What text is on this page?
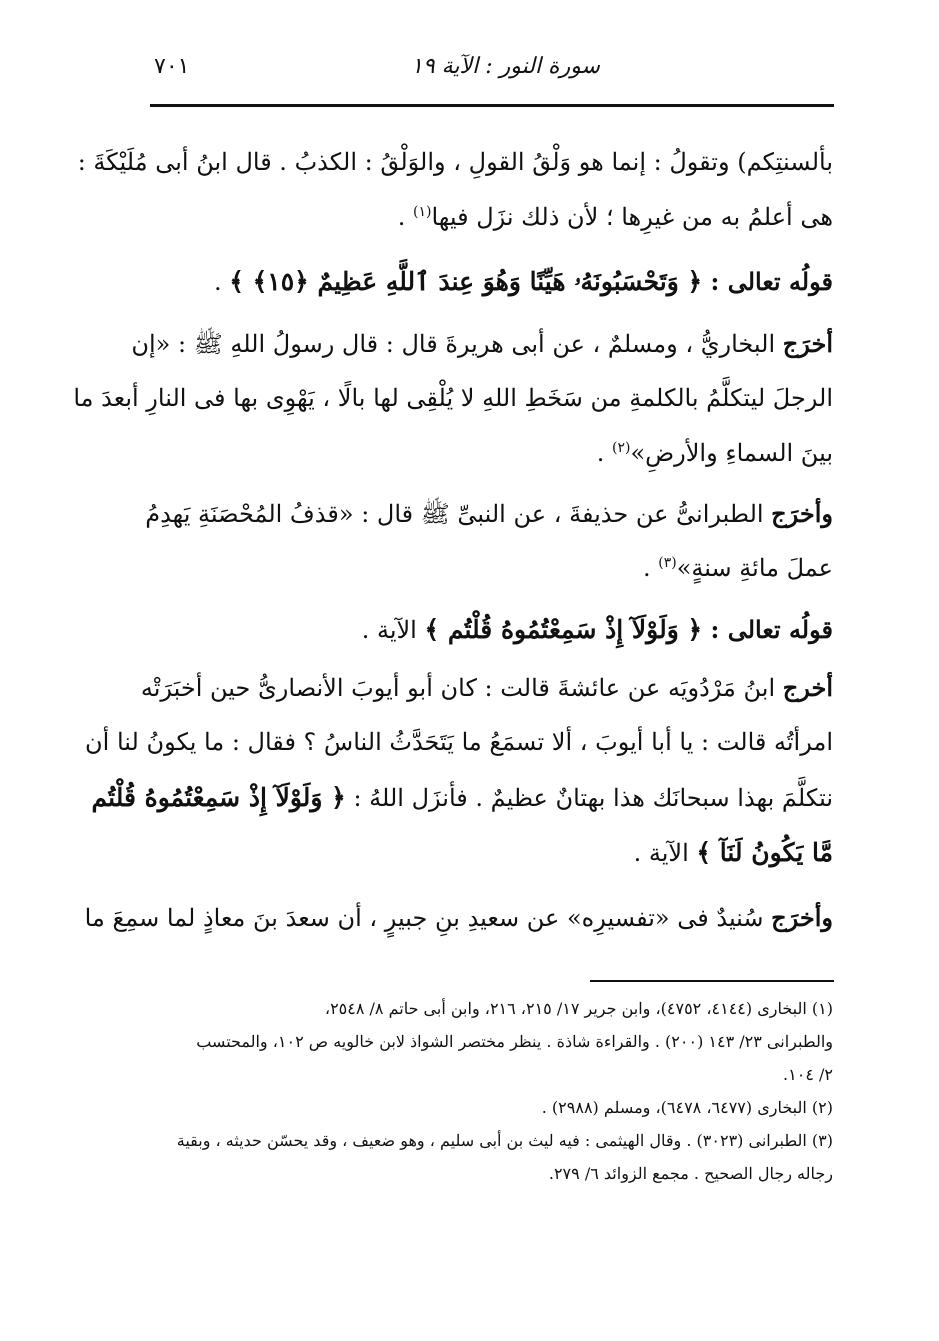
سورة النور : الآية ١٩
٧٠١
بألسنتِكم) وتقولُ : إنما هو وَلْقُ القولِ ، والوَلْقُ : الكذبُ . قال ابنُ أبى مُلَيْكَةَ :
هى أعلمُ به من غيرِها ؛ لأن ذلك نزَل فيها$^{(١)}$ .
قولُه تعالى : ﴿ وَتَحْسَبُونَهُۥ هَيِّنًا وَهُوَ عِندَ ٱللَّهِ عَظِيمٌ ﴿١٥﴾ ﴾ .
أخرَج البخاريُّ ، ومسلمٌ ، عن أبى هريرةَ قال : قال رسولُ اللهِ ﷺ : «إن
الرجلَ ليتكلَّمُ بالكلمةِ من سَخَطِ اللهِ لا يُلْقِى لها بالًا ، يَهْوِى بها فى النارِ أبعدَ ما
بينَ السماءِ والأرضِ»$^{(٢)}$ .
وأخرَج الطبرانىُّ عن حذيفةَ ، عن النبىِّ ﷺ قال : «قذفُ المُحْصَنَةِ يَهدِمُ
عملَ مائةِ سنةٍ»$^{(٣)}$ .
قولُه تعالى : ﴿ وَلَوْلَآ إِذْ سَمِعْتُمُوهُ قُلْتُم ﴾ الآية .
أخرج ابنُ مَرْدُويَه عن عائشةَ قالت : كان أبو أيوبَ الأنصارىُّ حين أخبَرَتْه
امرأتُه قالت : يا أبا أيوبَ ، ألا تسمَعُ ما يَتَحَدَّثُ الناسُ ؟ فقال : ما يكونُ لنا أن
نتكلَّمَ بهذا سبحانَك هذا بهتانٌ عظيمٌ . فأنزَل اللهُ : ﴿ وَلَوْلَآ إِذْ سَمِعْتُمُوهُ قُلْتُم
مَّا يَكُونُ لَنَآ ﴾ الآية .
وأخرَج سُنيدٌ فى «تفسيرِه» عن سعيدِ بنِ جبيرٍ ، أن سعدَ بنَ معاذٍ لما سمِعَ ما
(١) البخارى (٤١٤٤، ٤٧٥٢)، وابن جرير ١٧/ ٢١٥، ٢١٦، وابن أبى حاتم ٨/ ٢٥٤٨،
والطبرانى ٢٣/ ١٤٣ (٢٠٠) . والقراءة شاذة . ينظر مختصر الشواذ لابن خالويه ص ١٠٢، والمحتسب
٢/ ١٠٤.
(٢) البخارى (٦٤٧٧، ٦٤٧٨)، ومسلم (٢٩٨٨) .
(٣) الطبرانى (٣٠٢٣) . وقال الهيثمى : فيه ليث بن أبى سليم ، وهو ضعيف ، وقد يحسّن حديثه ، وبقية
رجاله رجال الصحيح . مجمع الزوائد ٦/ ٢٧٩.
